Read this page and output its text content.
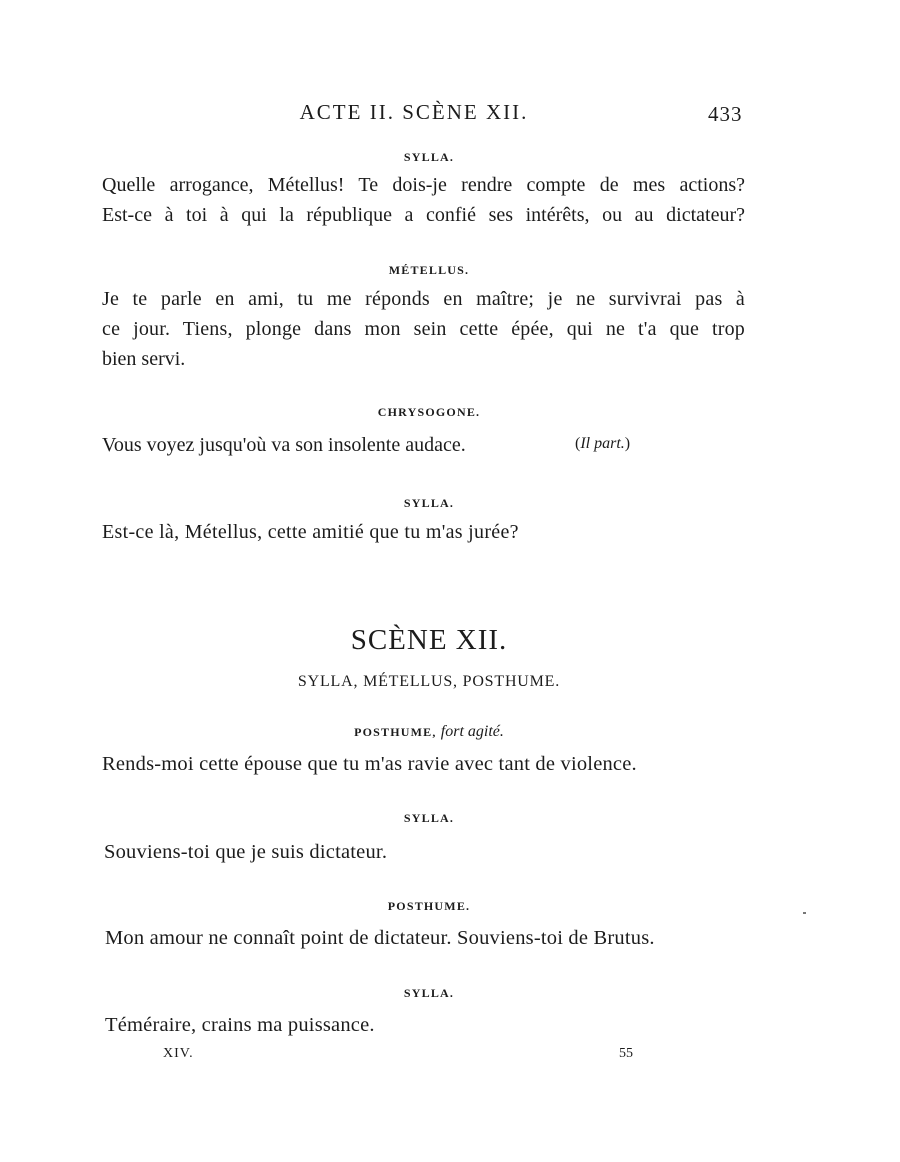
ACTE II. SCÈNE XII.	433
SYLLA.
Quelle arrogance, Métellus! Te dois-je rendre compte de mes actions?
Est-ce à toi à qui la république a confié ses intérêts, ou au dictateur?
MÉTELLUS.
Je te parle en ami, tu me réponds en maître; je ne survivrai pas à
ce jour. Tiens, plonge dans mon sein cette épée, qui ne t'a que trop
bien servi.
CHRYSOGONE.
Vous voyez jusqu'où va son insolente audace.	(Il part.)
SYLLA.
Est-ce là, Métellus, cette amitié que tu m'as jurée?
SCÈNE XII.
SYLLA, MÉTELLUS, POSTHUME.
POSTHUME, fort agité.
Rends-moi cette épouse que tu m'as ravie avec tant de violence.
SYLLA.
Souviens-toi que je suis dictateur.
POSTHUME.
Mon amour ne connaît point de dictateur. Souviens-toi de Brutus.
SYLLA.
Téméraire, crains ma puissance.
XIV.	55
